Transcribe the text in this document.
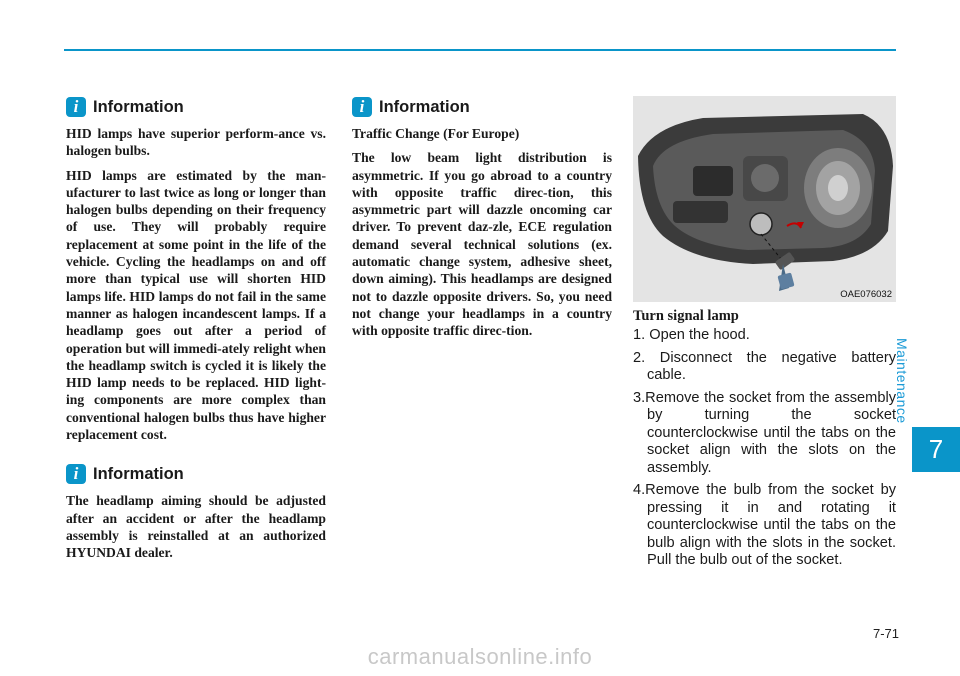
Maintenance
7
i Information

HID lamps have superior perform-ance vs. halogen bulbs.

HID lamps are estimated by the man-ufacturer to last twice as long or longer than halogen bulbs depending on their frequency of use. They will probably require replacement at some point in the life of the vehicle. Cycling the headlamps on and off more than typical use will shorten HID lamps life. HID lamps do not fail in the same manner as halogen incandescent lamps. If a headlamp goes out after a period of operation but will immedi-ately relight when the headlamp switch is cycled it is likely the HID lamp needs to be replaced. HID light-ing components are more complex than conventional halogen bulbs thus have higher replacement cost.

i Information

The headlamp aiming should be adjusted after an accident or after the headlamp assembly is reinstalled at an authorized HYUNDAI dealer.

i Information

Traffic Change (For Europe)

The low beam light distribution is asymmetric. If you go abroad to a country with opposite traffic direc-tion, this asymmetric part will dazzle oncoming car driver. To prevent daz-zle, ECE regulation demand several technical solutions (ex. automatic change system, adhesive sheet, down aiming). This headlamps are designed not to dazzle opposite drivers. So, you need not change your headlamps in a country with opposite traffic direc-tion.

OAE076032
Turn signal lamp

1. Open the hood.

2. Disconnect the negative battery cable.

3.Remove the socket from the assembly by turning the socket counterclockwise until the tabs on the socket align with the slots on the assembly.

4.Remove the bulb from the socket by pressing it in and rotating it counterclockwise until the tabs on the bulb align with the slots in the socket. Pull the bulb out of the socket.

7-71
carmanualsonline.info
